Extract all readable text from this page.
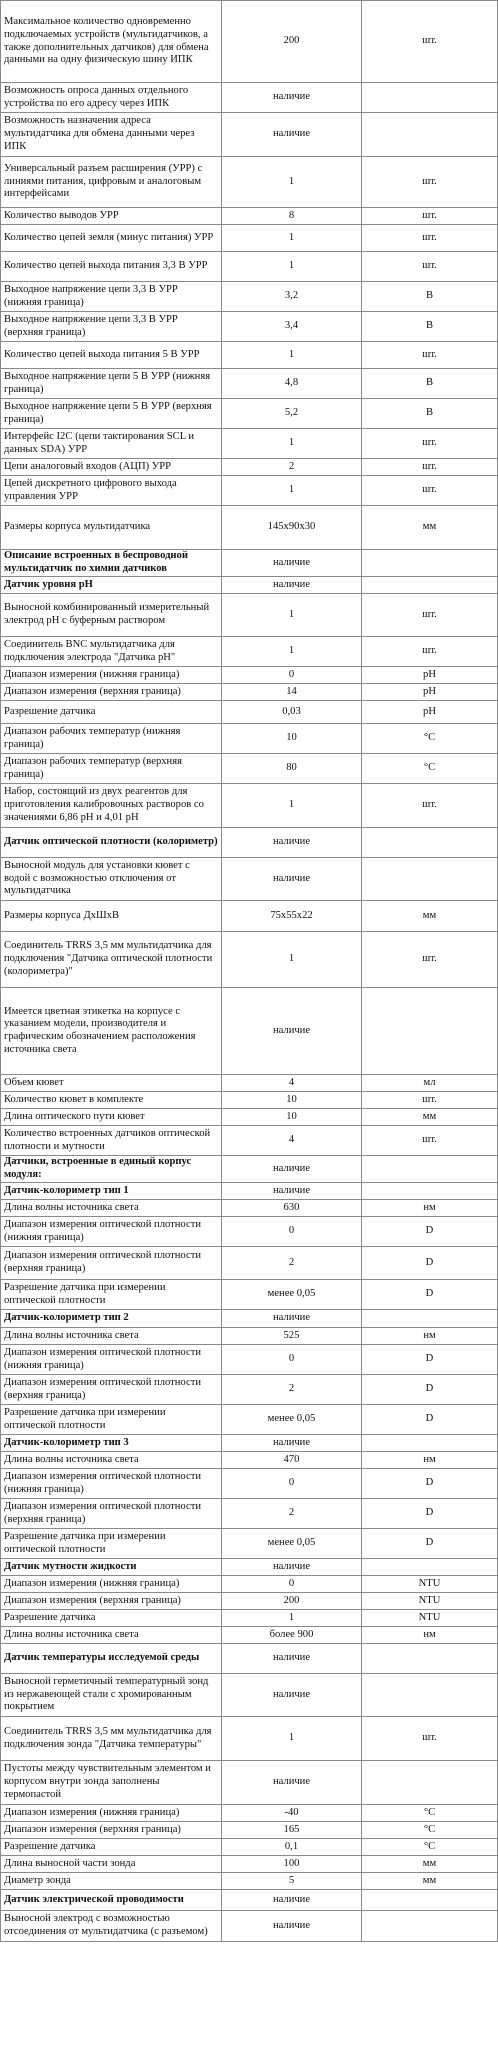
Максимальное количество одновременно подключаемых устройств (мультидатчиков, а также дополнительных датчиков) для обмена данными на одну физическую шину ИПК	200	шт.
Возможность опроса данных отдельного устройства по его адресу через ИПК	наличие	
Возможность назначения адреса мультидатчика для обмена данными через ИПК	наличие	
Универсальный разъем расширения (УРР) с линиями питания, цифровым и аналоговым интерфейсами	1	шт.
Количество выводов УРР	8	шт.
Количество цепей земля (минус питания) УРР	1	шт.
Количество цепей выхода питания 3,3 В УРР	1	шт.
Выходное напряжение цепи 3,3 В УРР (нижняя граница)	3,2	В
Выходное напряжение цепи 3,3 В УРР (верхняя граница)	3,4	В
Количество цепей выхода питания 5 В УРР	1	шт.
Выходное напряжение цепи 5 В УРР (нижняя граница)	4,8	В
Выходное напряжение цепи 5 В УРР (верхняя граница)	5,2	В
Интерфейс I2C (цепи тактирования SCL и данных SDA) УРР	1	шт.
Цепи аналоговый входов (АЦП) УРР	2	шт.
Цепей дискретного цифрового выхода управления УРР	1	шт.
Размеры корпуса мультидатчика	145x90x30	мм
Описание встроенных в беспроводной мультидатчик по химии датчиков	наличие	
Датчик уровня pH	наличие	
Выносной комбинированный измерительный электрод pH с буферным раствором	1	шт.
Соединитель BNC мультидатчика для подключения электрода "Датчика pH"	1	шт.
Диапазон измерения (нижняя граница)	0	pH
Диапазон измерения (верхняя граница)	14	pH
Разрешение датчика	0,03	pH
Диапазон рабочих температур (нижняя граница)	10	°C
Диапазон рабочих температур (верхняя граница)	80	°C
Набор, состоящий из двух реагентов для приготовления калибровочных растворов со значениями 6,86 pH и 4,01 pH	1	шт.
Датчик оптической плотности (колориметр)	наличие	
Выносной модуль для установки кювет с водой с возможностью отключения от мультидатчика	наличие	
Размеры корпуса ДхШхВ	75x55x22	мм
Соединитель TRRS 3,5 мм мультидатчика для подключения "Датчика оптической плотности (колориметра)"	1	шт.
Имеется цветная этикетка на корпусе с указанием модели, производителя и графическим обозначением расположения источника света	наличие	
Объем кювет	4	мл
Количество кювет в комплекте	10	шт.
Длина оптического пути кювет	10	мм
Количество встроенных датчиков оптической плотности и мутности	4	шт.
Датчики, встроенные в единый корпус модуля:	наличие	
Датчик-колориметр тип 1	наличие	
Длина волны источника света	630	нм
Диапазон измерения оптической плотности (нижняя граница)	0	D
Диапазон измерения оптической плотности (верхняя граница)	2	D
Разрешение датчика при измерении оптической плотности	менее 0,05	D
Датчик-колориметр тип 2	наличие	
Длина волны источника света	525	нм
Диапазон измерения оптической плотности (нижняя граница)	0	D
Диапазон измерения оптической плотности (верхняя граница)	2	D
Разрешение датчика при измерении оптической плотности	менее 0,05	D
Датчик-колориметр тип 3	наличие	
Длина волны источника света	470	нм
Диапазон измерения оптической плотности (нижняя граница)	0	D
Диапазон измерения оптической плотности (верхняя граница)	2	D
Разрешение датчика при измерении оптической плотности	менее 0,05	D
Датчик мутности жидкости	наличие	
Диапазон измерения (нижняя граница)	0	NTU
Диапазон измерения (верхняя граница)	200	NTU
Разрешение датчика	1	NTU
Длина волны источника света	более 900	нм
Датчик температуры исследуемой среды	наличие	
Выносной герметичный температурный зонд из нержавеющей стали с хромированным покрытием	наличие	
Соединитель TRRS 3,5 мм мультидатчика для подключения зонда "Датчика температуры"	1	шт.
Пустоты между чувствительным элементом и корпусом внутри зонда заполнены термопастой	наличие	
Диапазон измерения (нижняя граница)	-40	°C
Диапазон измерения (верхняя граница)	165	°C
Разрешение датчика	0,1	°C
Длина выносной части зонда	100	мм
Диаметр зонда	5	мм
Датчик электрической проводимости	наличие	
Выносной электрод с возможностью отсоединения от мультидатчика (с разъемом)	наличие	
